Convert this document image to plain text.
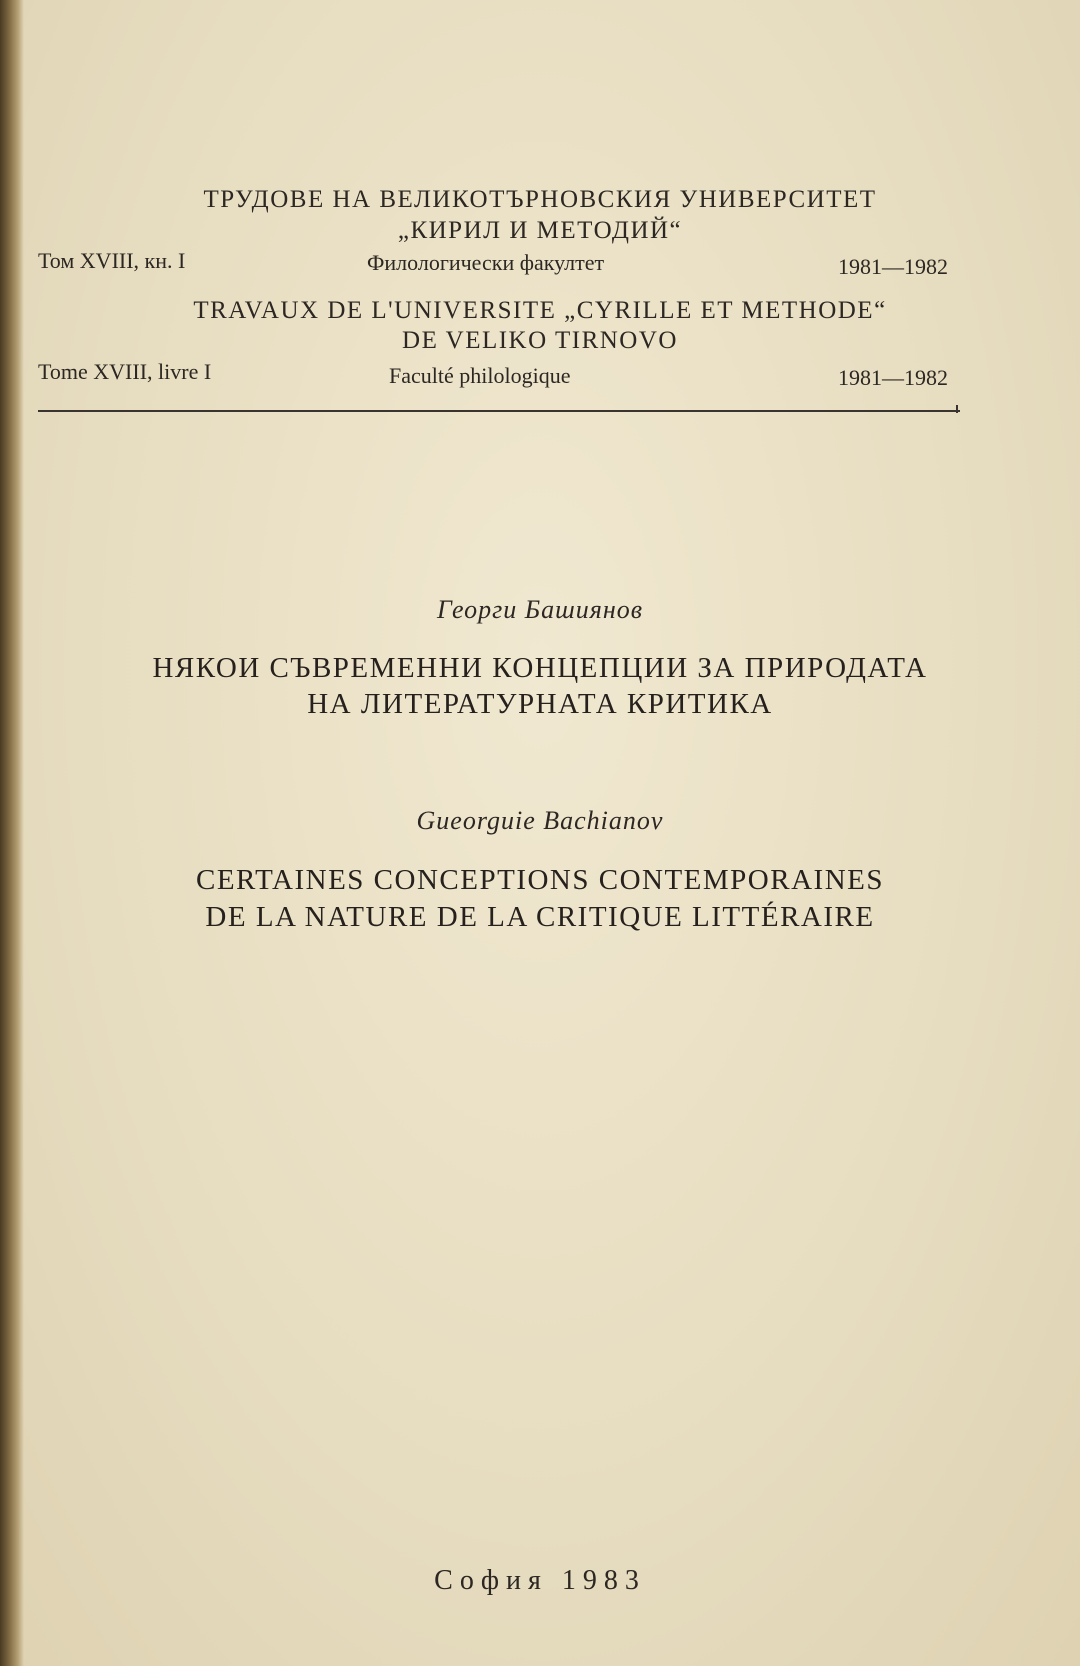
ТРУДОВЕ НА ВЕЛИКОТЪРНОВСКИЯ УНИВЕРСИТЕТ
„КИРИЛ И МЕТОДИЙ“
Том XVIII, кн. I	Филологически факултет	1981—1982
TRAVAUX DE L'UNIVERSITE „CYRILLE ET METHODE“
DE VELIKO TIRNOVO
Tome XVIII, livre I	Faculté philologique	1981—1982
Георги Башиянов
НЯКОИ СЪВРЕМЕННИ КОНЦЕПЦИИ ЗА ПРИРОДАТА
НА ЛИТЕРАТУРНАТА КРИТИКА
Gueorguie Bachianov
CERTAINES CONCEPTIONS CONTEMPORAINES
DE LA NATURE DE LA CRITIQUE LITTÉRAIRE
София 1983
